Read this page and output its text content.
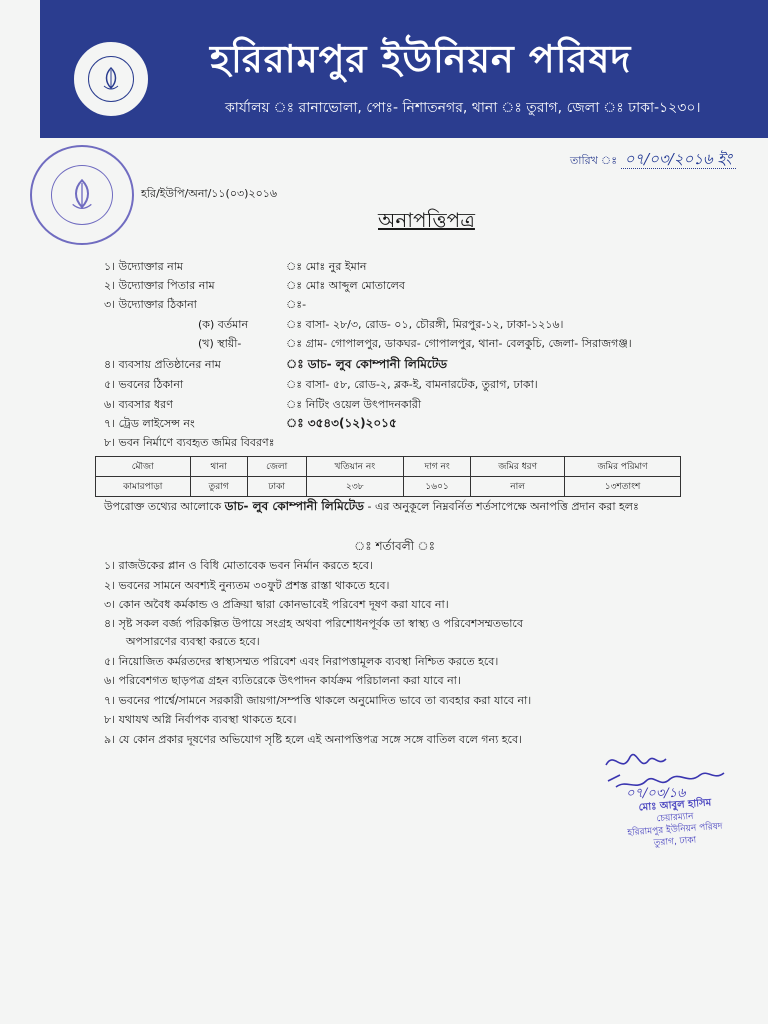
হরিরামপুর ইউনিয়ন পরিষদ
কার্যালয় ঃ রানাভোলা, পোঃ- নিশাতনগর, থানা ঃ তুরাগ, জেলা ঃ ঢাকা-১২৩০।
তারিখ ঃ ০৭/০৩/২০১৬ ইং
হরি/ইউপি/অনা/১১(০৩)২০১৬
অনাপত্তিপত্র
১। উদ্যোক্তার নাম	ঃ মোঃ নুর ইমান
২। উদ্যোক্তার পিতার নাম	ঃ মোঃ আব্দুল মোতালেব
৩। উদ্যোক্তার ঠিকানা	ঃ-
(ক) বর্তমান	ঃ বাসা- ২৮/৩, রোড- ০১, চৌরঙ্গী, মিরপুর-১২, ঢাকা-১২১৬।
(খ) স্থায়ী-	ঃ গ্রাম- গোপালপুর, ডাকঘর- গোপালপুর, থানা- বেলকুচি, জেলা- সিরাজগঞ্জ।
৪। ব্যবসায় প্রতিষ্ঠানের নাম	ঃ ডাচ- লুব কোম্পানী লিমিটেড
৫। ভবনের ঠিকানা	ঃ বাসা- ৫৮, রোড-২, ব্লক-ই, বামনারটেক, তুরাগ, ঢাকা।
৬। ব্যবসার ধরণ	ঃ নিটিং ওয়েল উৎপাদনকারী
৭। ট্রেড লাইসেন্স নং	ঃ ৩৫৪৩(১২)২০১৫
৮। ভবন নির্মাণে ব্যবহৃত জমির বিবরণঃ
মৌজা	থানা	জেলা	খতিয়ান নং	দাগ নং	জমির ধরণ	জমির পরিমাণ
কামারপাড়া	তুরাগ	ঢাকা	২৩৮	১৬০১	নাল	১৩শতাংশ
উপরোক্ত তথ্যের আলোকে ডাচ- লুব কোম্পানী লিমিটেড - এর অনুকূলে নিম্নবর্নিত শর্তসাপেক্ষে অনাপত্তি প্রদান করা হলঃ
ঃ শর্তাবলী ঃ
১। রাজউকের প্লান ও বিধি মোতাবেক ভবন নির্মান করতে হবে।
২। ভবনের সামনে অবশ্যই নুন্যতম ৩০ফুট প্রশস্ত রাস্তা থাকতে হবে।
৩। কোন অবৈধ কর্মকান্ড ও প্রক্রিয়া দ্বারা কোনভাবেই পরিবেশ দূষণ করা যাবে না।
৪। সৃষ্ট সকল বর্জ্য পরিকল্পিত উপায়ে সংগ্রহ অথবা পরিশোধনপূর্বক তা স্বাস্থ্য ও পরিবেশসম্মতভাবে
অপসারণের ব্যবস্থা করতে হবে।
৫। নিয়োজিত কর্মরতদের স্বাস্থ্যসম্মত পরিবেশ এবং নিরাপত্তামূলক ব্যবস্থা নিশ্চিত করতে হবে।
৬। পরিবেশগত ছাড়পত্র গ্রহন ব্যতিরেকে উৎপাদন কার্যক্রম পরিচালনা করা যাবে না।
৭। ভবনের পার্শ্বে/সামনে সরকারী জায়গা/সম্পত্তি থাকলে অনুমোদিত ভাবে তা ব্যবহার করা যাবে না।
৮। যথাযথ অগ্নি নির্বাপক ব্যবস্থা থাকতে হবে।
৯। যে কোন প্রকার দূষণের অভিযোগ সৃষ্টি হলে এই অনাপত্তিপত্র সঙ্গে সঙ্গে বাতিল বলে গন্য হবে।
০৭/০৩/১৬
মোঃ আবুল হাসিম
চেয়ারম্যান
হরিরামপুর ইউনিয়ন পরিষদ
তুরাগ, ঢাকা
